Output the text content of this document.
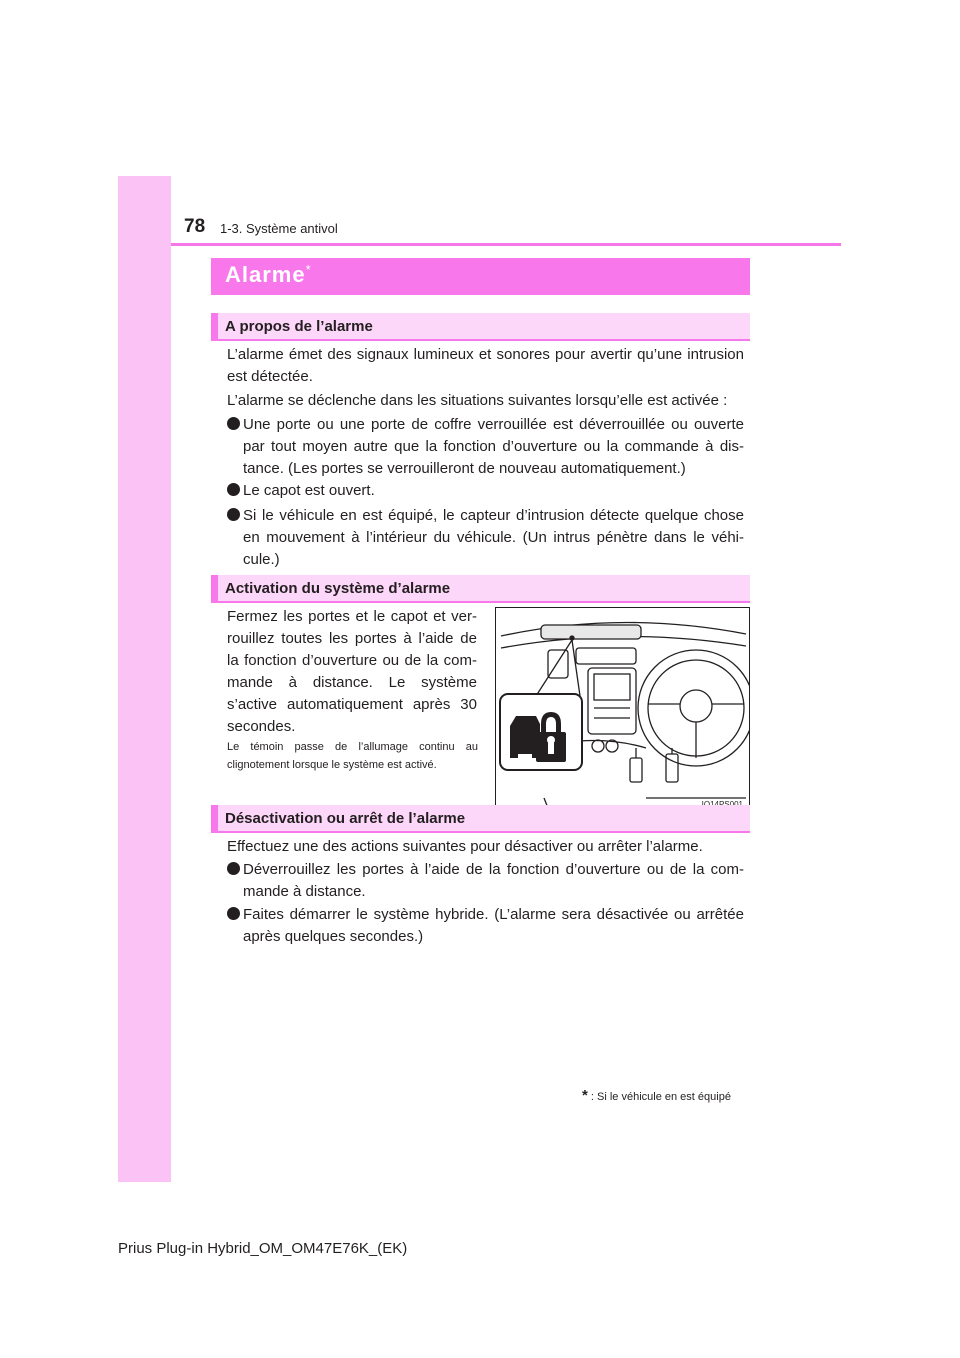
78 1-3. Système antivol
Alarme*
A propos de l’alarme
L’alarme émet des signaux lumineux et sonores pour avertir qu’une intrusion est détectée.
L’alarme se déclenche dans les situations suivantes lorsqu’elle est activée :
Une porte ou une porte de coffre verrouillée est déverrouillée ou ouverte par tout moyen autre que la fonction d’ouverture ou la commande à dis-tance. (Les portes se verrouilleront de nouveau automatiquement.)
Le capot est ouvert.
Si le véhicule en est équipé, le capteur d’intrusion détecte quelque chose en mouvement à l’intérieur du véhicule. (Un intrus pénètre dans le véhi-cule.)
Activation du système d’alarme
Fermez les portes et le capot et ver-rouillez toutes les portes à l’aide de la fonction d’ouverture ou de la com-mande à distance. Le système s’active automatiquement après 30 secondes.
Le témoin passe de l’allumage continu au clignotement lorsque le système est activé.
Désactivation ou arrêt de l’alarme
Effectuez une des actions suivantes pour désactiver ou arrêter l’alarme.
Déverrouillez les portes à l’aide de la fonction d’ouverture ou de la com-mande à distance.
Faites démarrer le système hybride. (L’alarme sera désactivée ou arrêtée après quelques secondes.)
* : Si le véhicule en est équipé
Prius Plug-in Hybrid_OM_OM47E76K_(EK)
